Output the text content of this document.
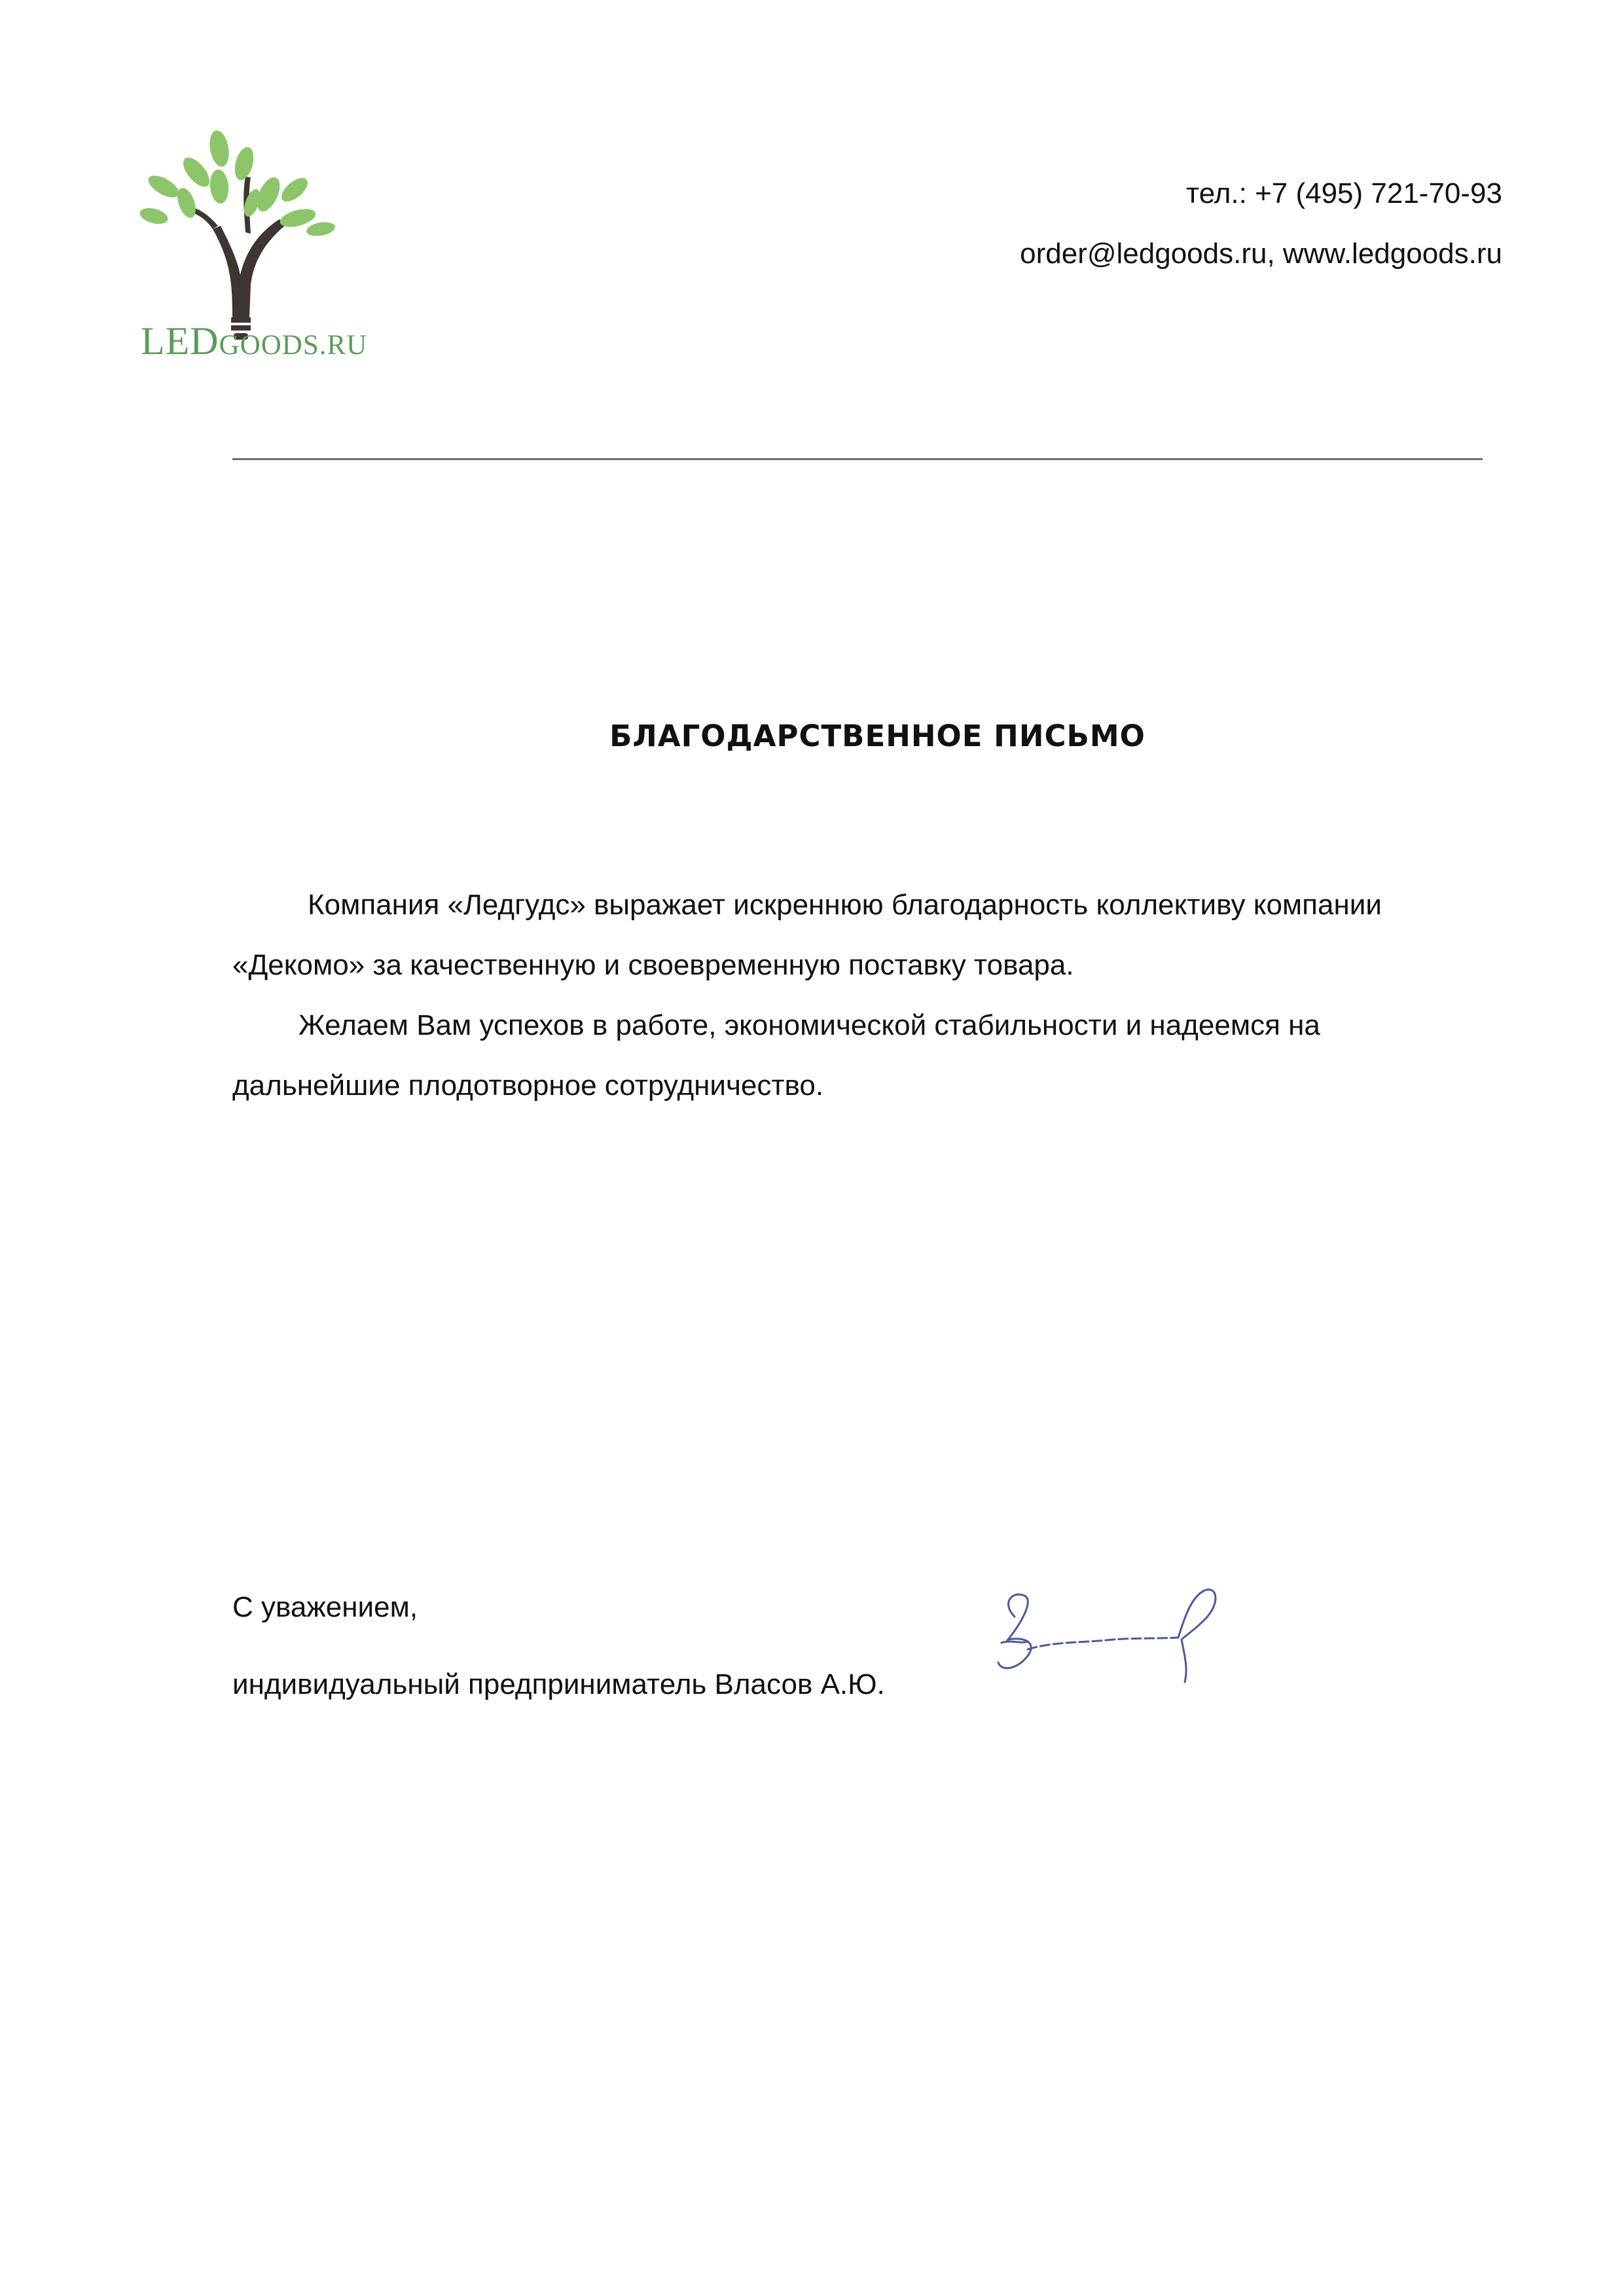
LEDGOODS.RU
тел.: +7 (495) 721-70-93
order@ledgoods.ru, www.ledgoods.ru
БЛАГОДАРСТВЕННОЕ ПИСЬМО

Компания «Ледгудс» выражает искреннюю благодарность коллективу компании «Декомо» за качественную и своевременную поставку товара.

Желаем Вам успехов в работе, экономической стабильности и надеемся на дальнейшие плодотворное сотрудничество.

С уважением,
индивидуальный предприниматель Власов А.Ю.
